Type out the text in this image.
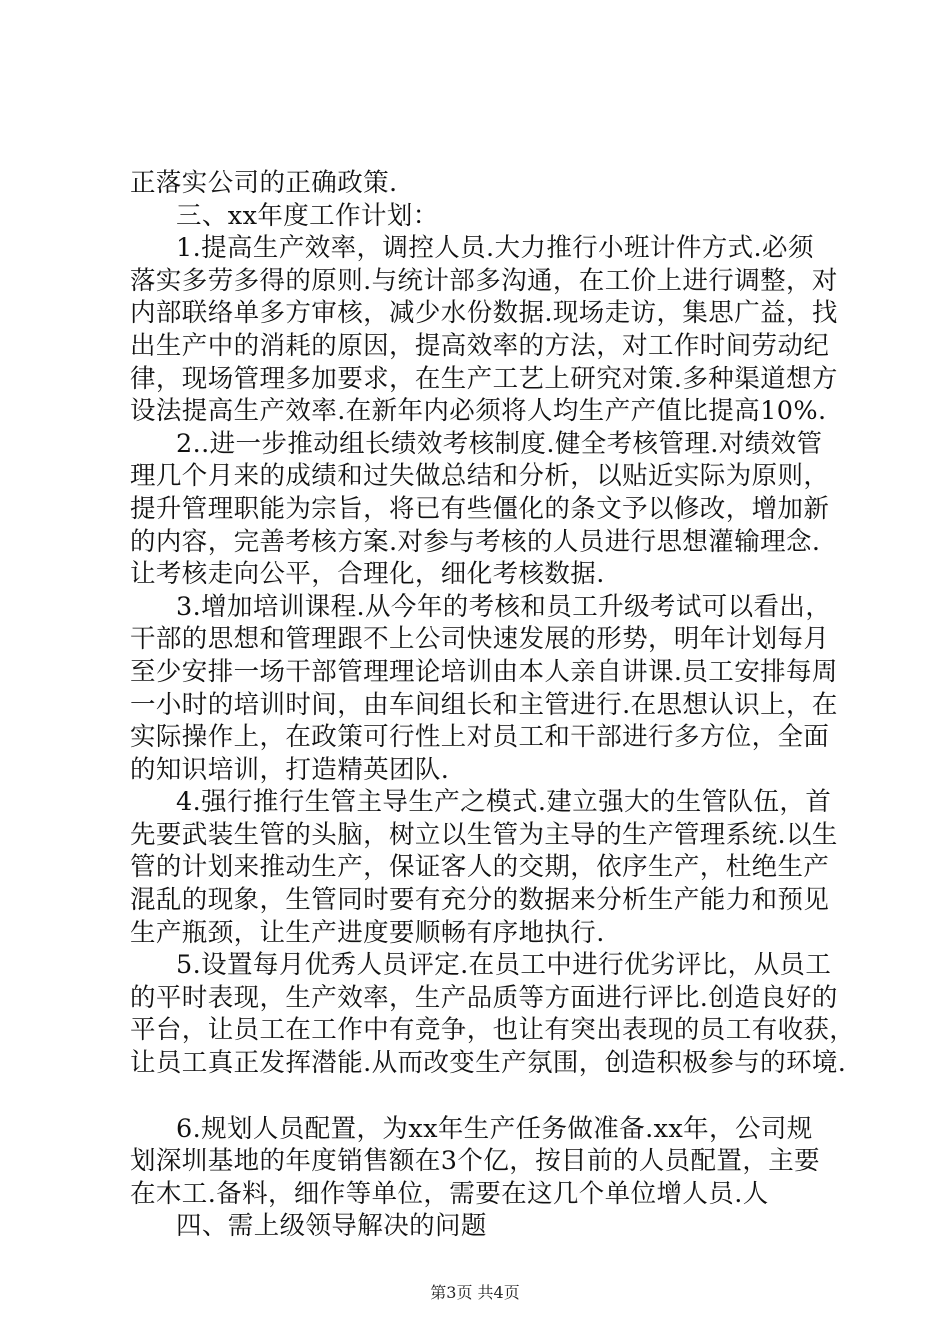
正落实公司的正确政策.
三、xx年度工作计划：
1.提高生产效率，调控人员.大力推行小班计件方式.必须
落实多劳多得的原则.与统计部多沟通，在工价上进行调整，对
内部联络单多方审核，减少水份数据.现场走访，集思广益，找
出生产中的消耗的原因，提高效率的方法，对工作时间劳动纪
律，现场管理多加要求，在生产工艺上研究对策.多种渠道想方
设法提高生产效率.在新年内必须将人均生产产值比提高10%.
2..进一步推动组长绩效考核制度.健全考核管理.对绩效管
理几个月来的成绩和过失做总结和分析，以贴近实际为原则，
提升管理职能为宗旨，将已有些僵化的条文予以修改，增加新
的内容，完善考核方案.对参与考核的人员进行思想灌输理念.
让考核走向公平，合理化，细化考核数据.
3.增加培训课程.从今年的考核和员工升级考试可以看出，
干部的思想和管理跟不上公司快速发展的形势，明年计划每月
至少安排一场干部管理理论培训由本人亲自讲课.员工安排每周
一小时的培训时间，由车间组长和主管进行.在思想认识上，在
实际操作上，在政策可行性上对员工和干部进行多方位，全面
的知识培训，打造精英团队.
4.强行推行生管主导生产之模式.建立强大的生管队伍，首
先要武装生管的头脑，树立以生管为主导的生产管理系统.以生
管的计划来推动生产，保证客人的交期，依序生产，杜绝生产
混乱的现象，生管同时要有充分的数据来分析生产能力和预见
生产瓶颈，让生产进度要顺畅有序地执行.
5.设置每月优秀人员评定.在员工中进行优劣评比，从员工
的平时表现，生产效率，生产品质等方面进行评比.创造良好的
平台，让员工在工作中有竞争，也让有突出表现的员工有收获，
让员工真正发挥潜能.从而改变生产氛围，创造积极参与的环境.
6.规划人员配置，为xx年生产任务做准备.xx年，公司规
划深圳基地的年度销售额在3个亿，按目前的人员配置，主要
在木工.备料，细作等单位，需要在这几个单位增人员.人
四、需上级领导解决的问题
第3页 共4页
